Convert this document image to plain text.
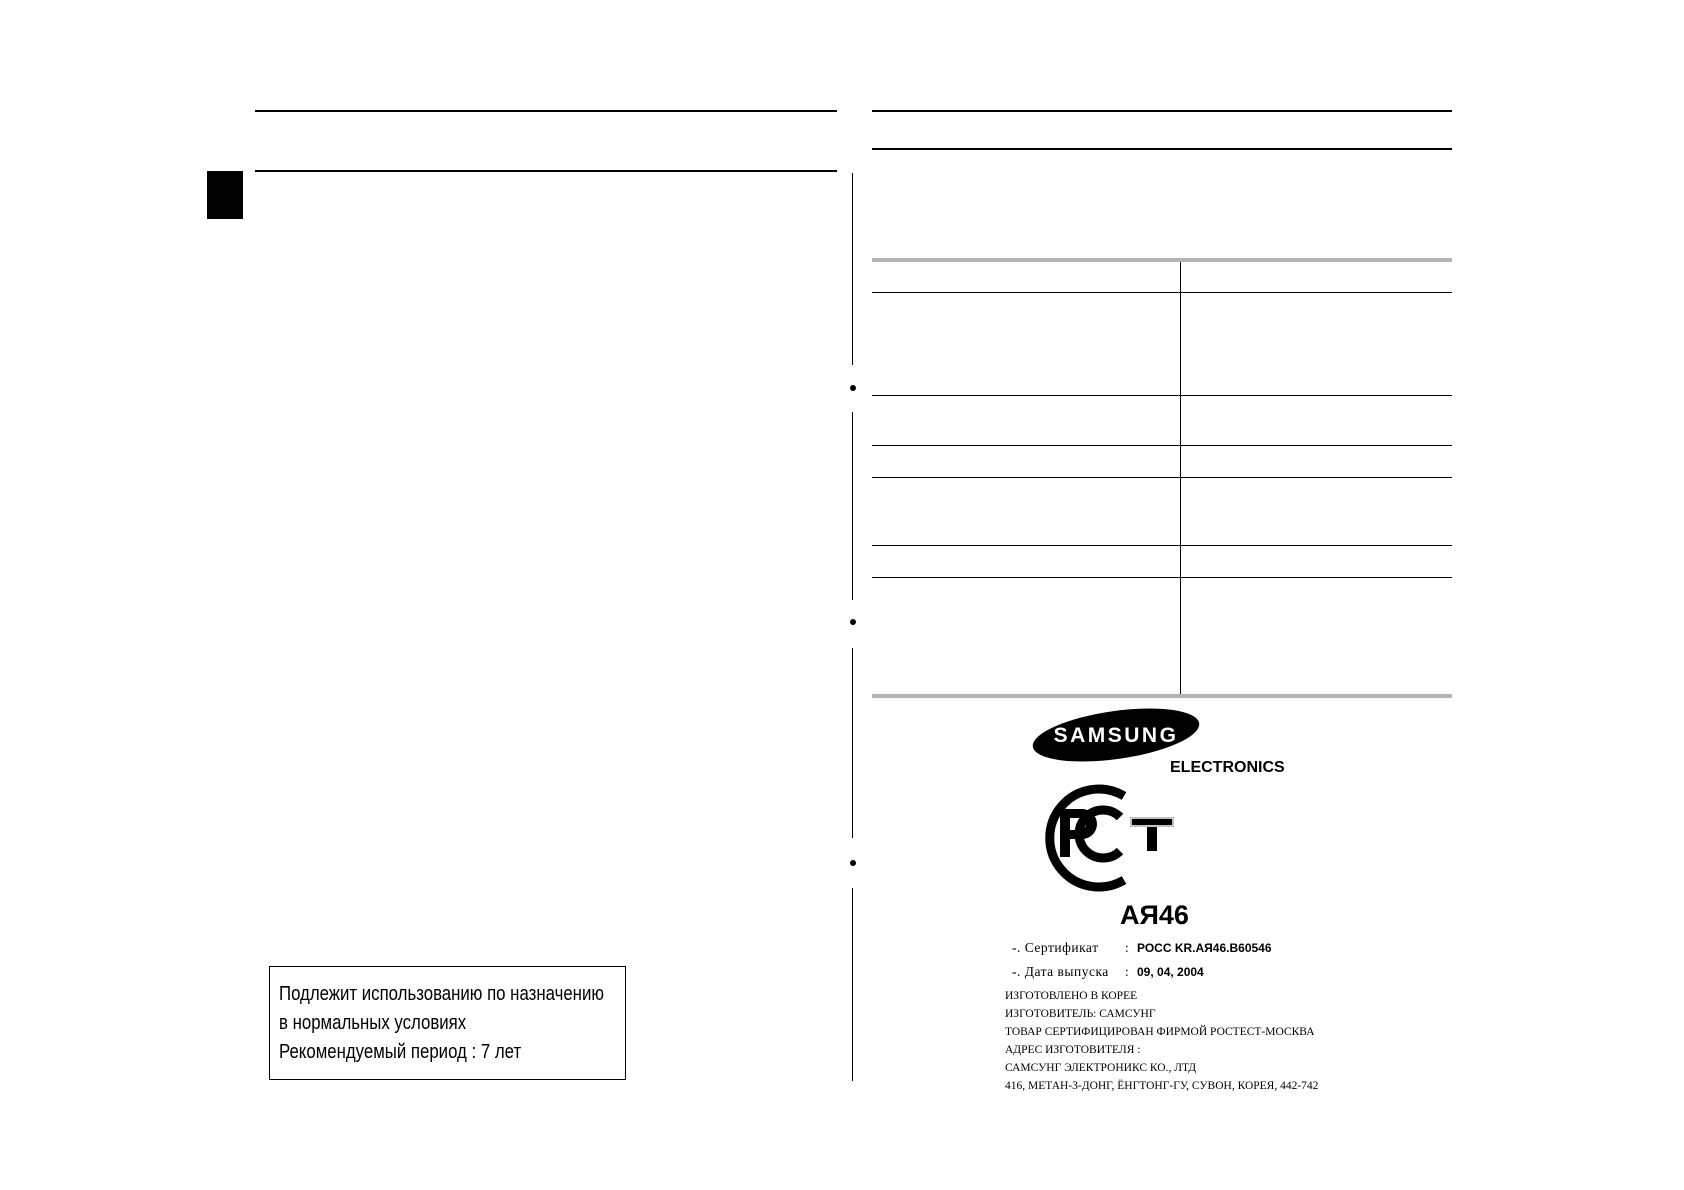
Подлежит использованию по назначению
в нормальных условиях
Рекомендуемый период : 7 лет
SAMSUNG
ELECTRONICS
АЯ46
-. Сертификат : РОСС KR.АЯ46.B60546
-. Дата выпуска : 09, 04, 2004
ИЗГОТОВЛЕНО В КОРЕЕ
ИЗГОТОВИТЕЛЬ: САМСУНГ
ТОВАР СЕРТИФИЦИРОВАН ФИРМОЙ РОСТЕСТ-МОСКВА
АДРЕС ИЗГОТОВИТЕЛЯ :
САМСУНГ ЭЛЕКТРОНИКС КО., ЛТД
416, МЕТАН-3-ДОНГ, ЁНГТОНГ-ГУ, СУВОН, КОРЕЯ, 442-742
